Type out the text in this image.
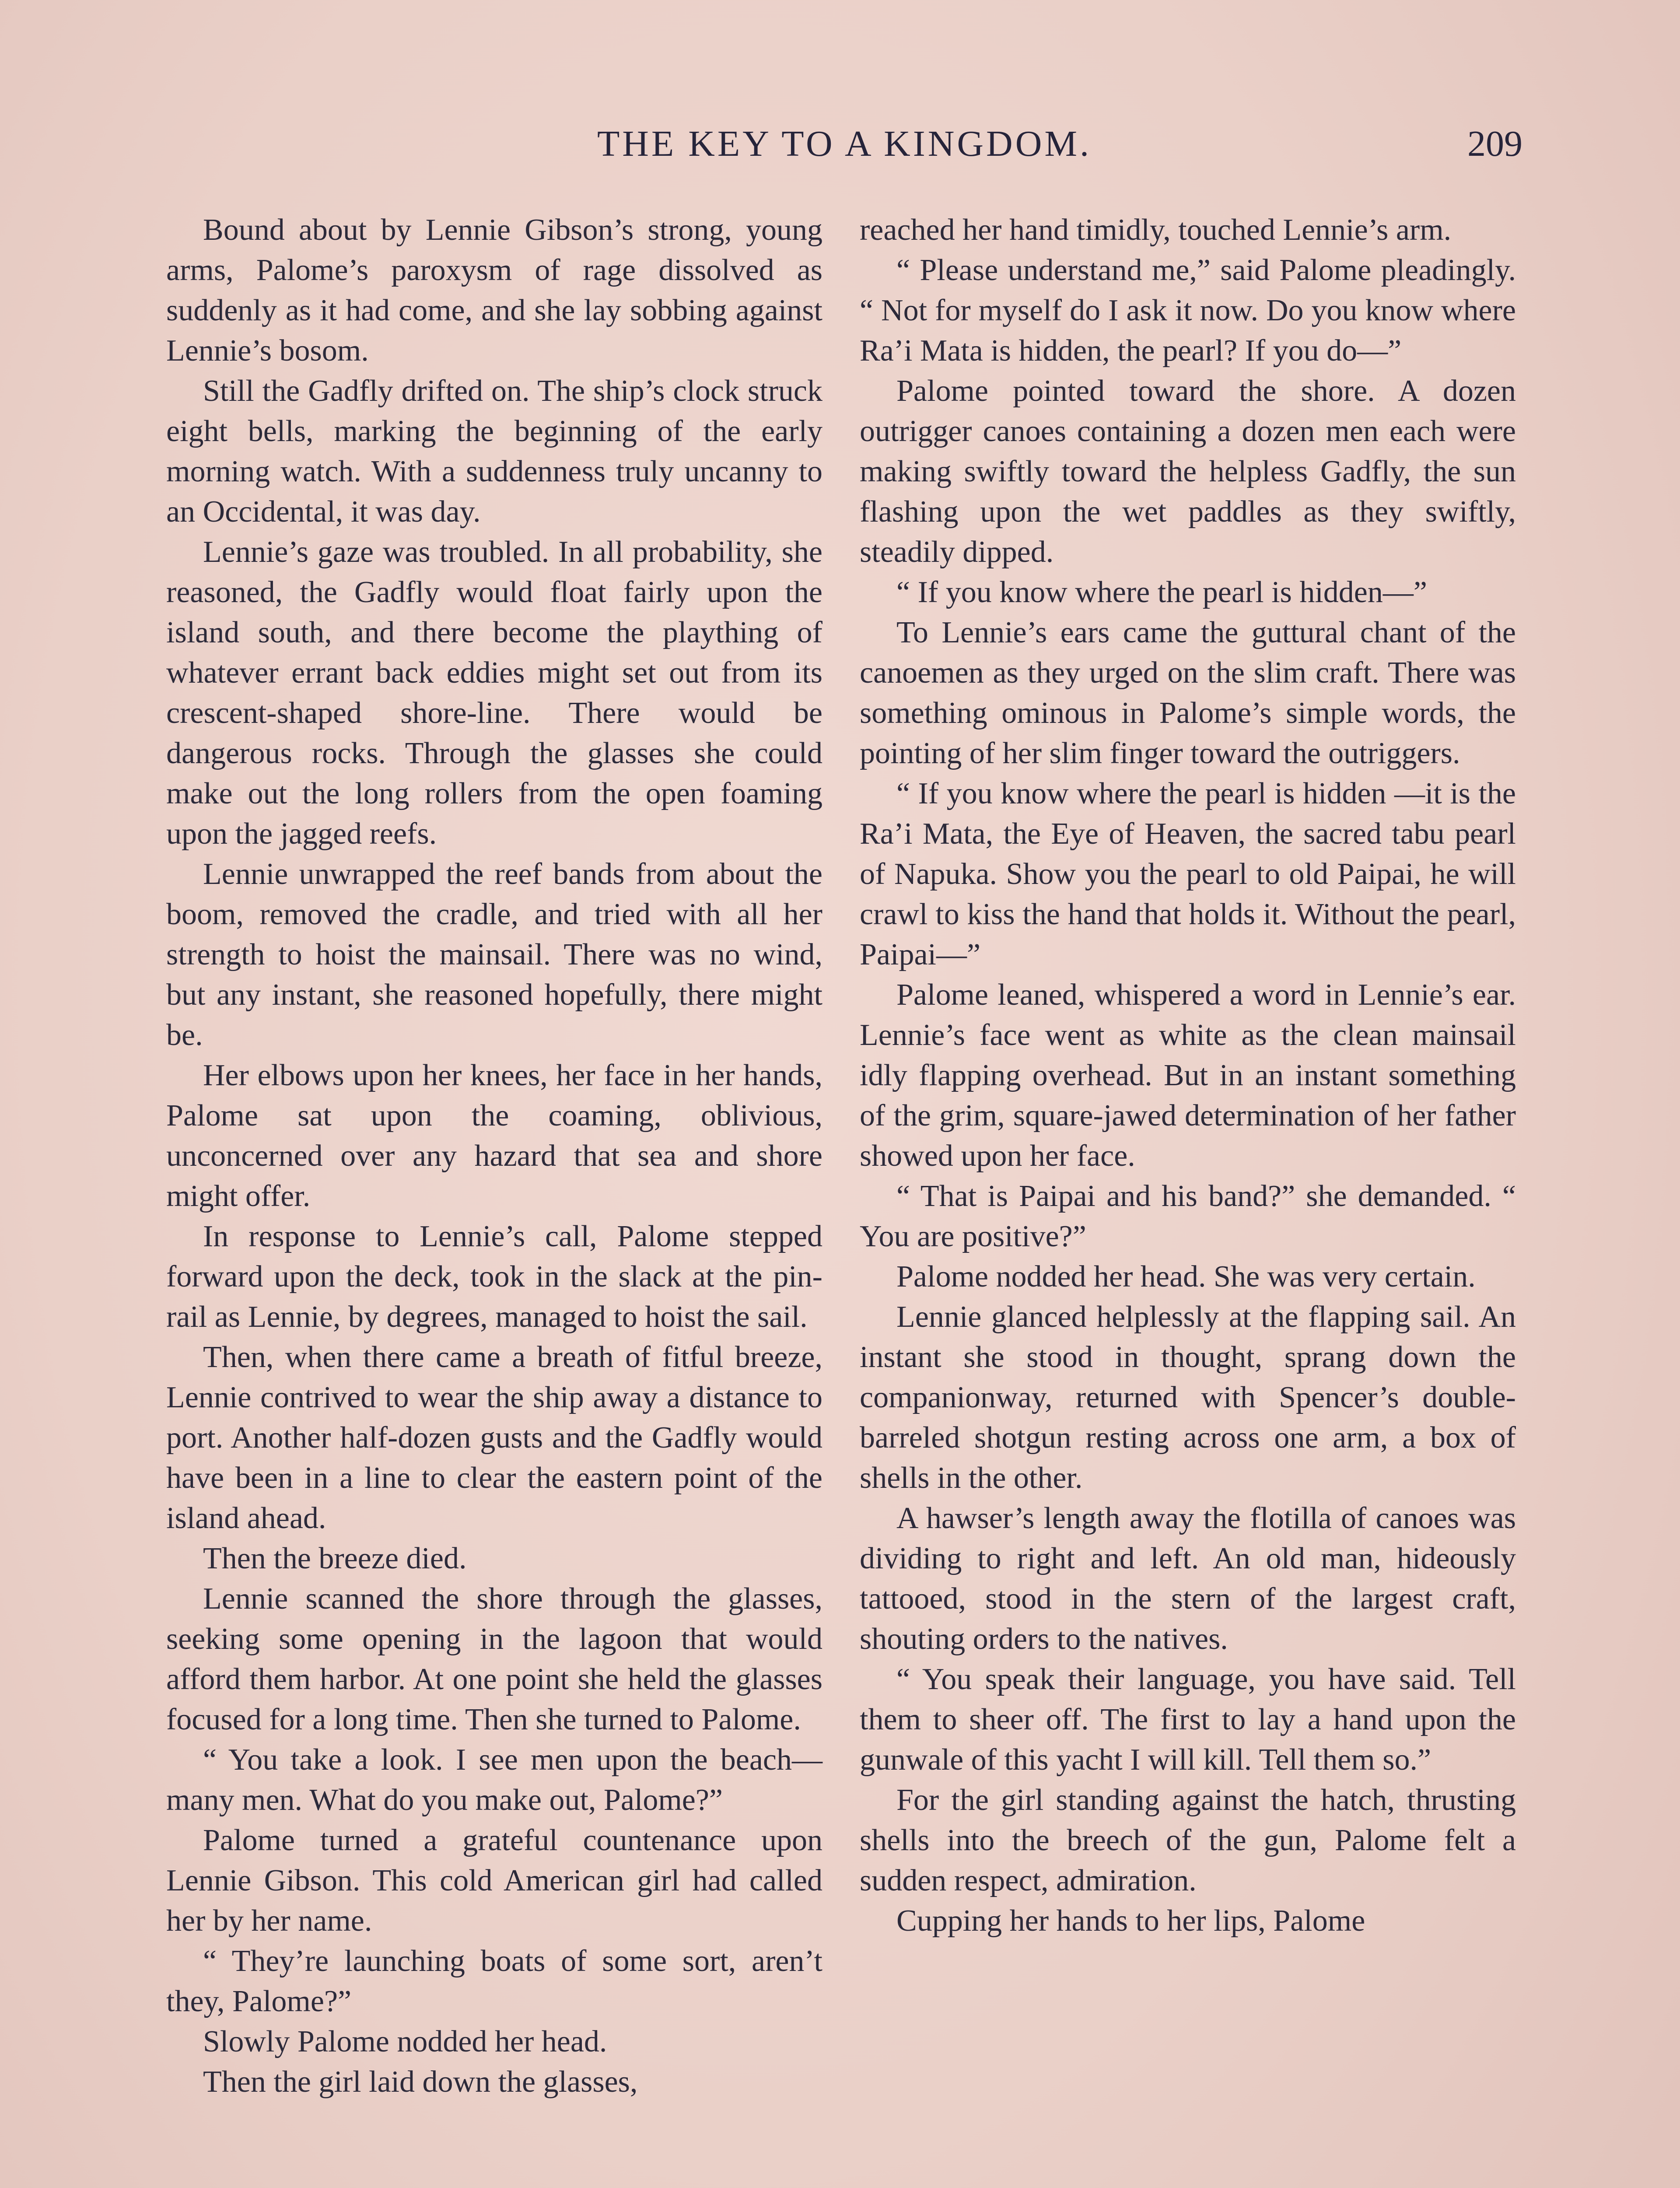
THE KEY TO A KINGDOM.	209

Bound about by Lennie Gibson’s strong, young arms, Palome’s paroxysm of rage dissolved as suddenly as it had come, and she lay sobbing against Lennie’s bosom.

Still the Gadfly drifted on. The ship’s clock struck eight bells, marking the beginning of the early morning watch. With a suddenness truly uncanny to an Occidental, it was day.

Lennie’s gaze was troubled. In all probability, she reasoned, the Gadfly would float fairly upon the island south, and there become the plaything of whatever errant back eddies might set out from its crescent-shaped shore-line. There would be dangerous rocks. Through the glasses she could make out the long rollers from the open foaming upon the jagged reefs.

Lennie unwrapped the reef bands from about the boom, removed the cradle, and tried with all her strength to hoist the mainsail. There was no wind, but any instant, she reasoned hopefully, there might be.

Her elbows upon her knees, her face in her hands, Palome sat upon the coaming, oblivious, unconcerned over any hazard that sea and shore might offer.

In response to Lennie’s call, Palome stepped forward upon the deck, took in the slack at the pin-rail as Lennie, by degrees, managed to hoist the sail.

Then, when there came a breath of fitful breeze, Lennie contrived to wear the ship away a distance to port. Another half-dozen gusts and the Gadfly would have been in a line to clear the eastern point of the island ahead.

Then the breeze died.

Lennie scanned the shore through the glasses, seeking some opening in the lagoon that would afford them harbor. At one point she held the glasses focused for a long time. Then she turned to Palome.

“ You take a look. I see men upon the beach—many men. What do you make out, Palome?”

Palome turned a grateful countenance upon Lennie Gibson. This cold American girl had called her by her name.

“ They’re launching boats of some sort, aren’t they, Palome?”

Slowly Palome nodded her head.

Then the girl laid down the glasses,

reached her hand timidly, touched Lennie’s arm.

“ Please understand me,” said Palome pleadingly. “ Not for myself do I ask it now. Do you know where Ra’i Mata is hidden, the pearl? If you do—”

Palome pointed toward the shore. A dozen outrigger canoes containing a dozen men each were making swiftly toward the helpless Gadfly, the sun flashing upon the wet paddles as they swiftly, steadily dipped.

“ If you know where the pearl is hidden—”

To Lennie’s ears came the guttural chant of the canoemen as they urged on the slim craft. There was something ominous in Palome’s simple words, the pointing of her slim finger toward the outriggers.

“ If you know where the pearl is hidden —it is the Ra’i Mata, the Eye of Heaven, the sacred tabu pearl of Napuka. Show you the pearl to old Paipai, he will crawl to kiss the hand that holds it. Without the pearl, Paipai—”

Palome leaned, whispered a word in Lennie’s ear. Lennie’s face went as white as the clean mainsail idly flapping overhead. But in an instant something of the grim, square-jawed determination of her father showed upon her face.

“ That is Paipai and his band?” she demanded. “ You are positive?”

Palome nodded her head. She was very certain.

Lennie glanced helplessly at the flapping sail. An instant she stood in thought, sprang down the companionway, returned with Spencer’s double-barreled shotgun resting across one arm, a box of shells in the other.

A hawser’s length away the flotilla of canoes was dividing to right and left. An old man, hideously tattooed, stood in the stern of the largest craft, shouting orders to the natives.

“ You speak their language, you have said. Tell them to sheer off. The first to lay a hand upon the gunwale of this yacht I will kill. Tell them so.”

For the girl standing against the hatch, thrusting shells into the breech of the gun, Palome felt a sudden respect, admiration.

Cupping her hands to her lips, Palome
